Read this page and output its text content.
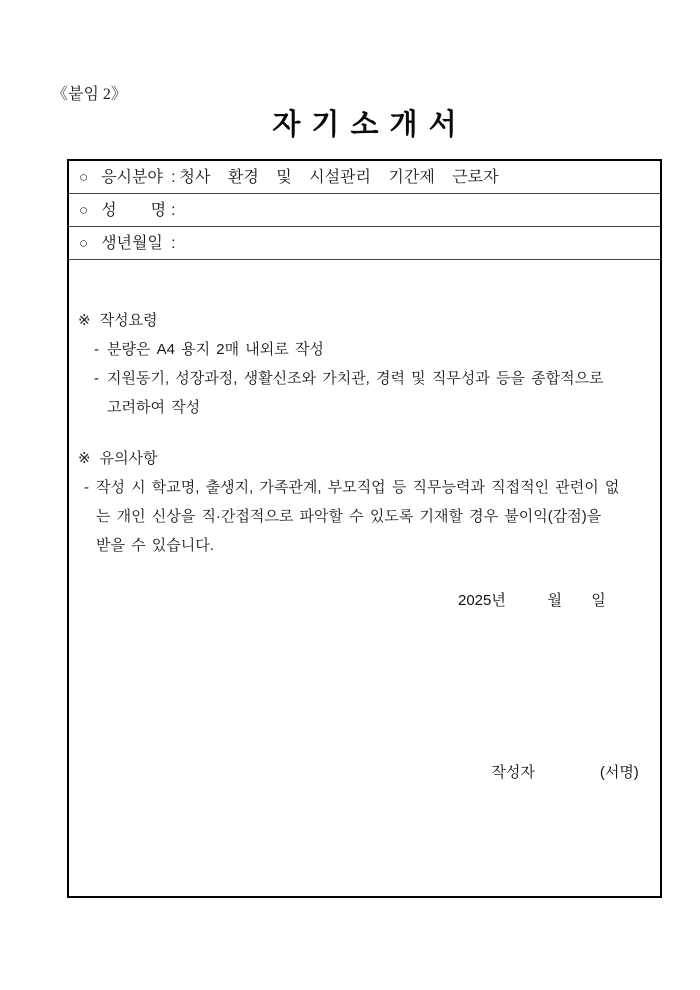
《붙임 2》
자 기 소 개 서
○ 응시분야 : 청사 환경 및 시설관리 기간제 근로자
○ 성 명 :
○ 생년월일 :
※ 작성요령
- 분량은 A4 용지 2매 내외로 작성
- 지원동기, 성장과정, 생활신조와 가치관, 경력 및 직무성과 등을 종합적으로
고려하여 작성
※ 유의사항
- 작성 시 학교명, 출생지, 가족관계, 부모직업 등 직무능력과 직접적인 관련이 없
는 개인 신상을 직·간접적으로 파악할 수 있도록 기재할 경우 불이익(감점)을
받을 수 있습니다.

2025년          월       일

작성자	(서명)
